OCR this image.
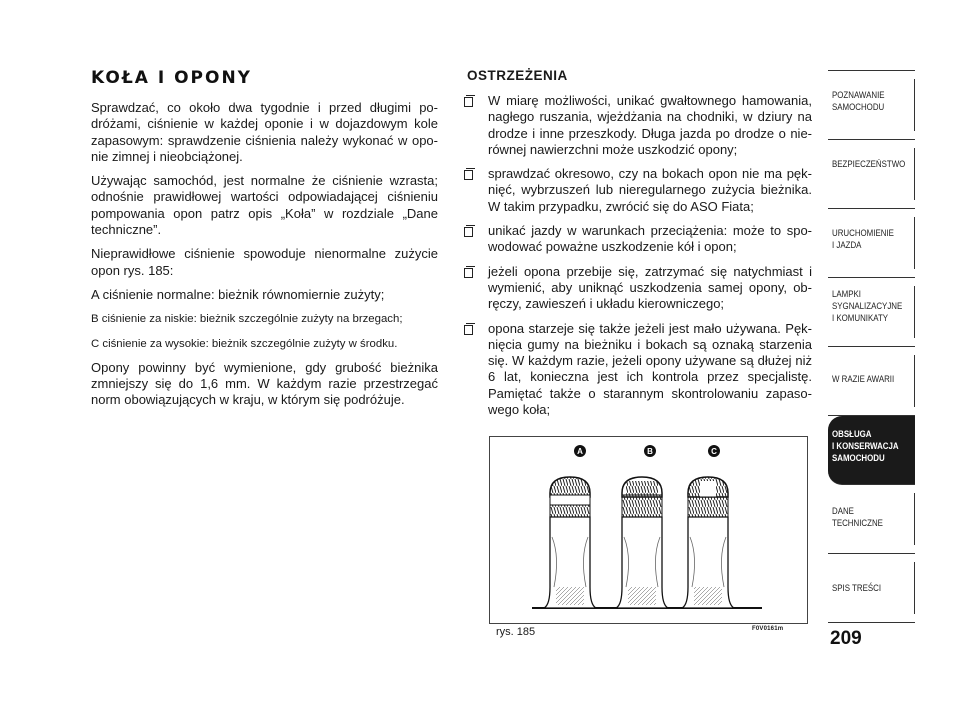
KOŁA I OPONY

Sprawdzać, co około dwa tygodnie i przed długimi po-dróżami, ciśnienie w każdej oponie i w dojazdowym kole zapasowym: sprawdzenie ciśnienia należy wykonać w opo-nie zimnej i nieobciążonej.

Używając samochód, jest normalne że ciśnienie wzrasta; odnośnie prawidłowej wartości odpowiadającej ciśnieniu pompowania opon patrz opis „Koła” w rozdziale „Dane techniczne”.

Nieprawidłowe ciśnienie spowoduje nienormalne zużycie opon rys. 185:

A ciśnienie normalne: bieżnik równomiernie zużyty;

B ciśnienie za niskie: bieżnik szczególnie zużyty na brzegach;

C ciśnienie za wysokie: bieżnik szczególnie zużyty w środku.

Opony powinny być wymienione, gdy grubość bieżnika zmniejszy się do 1,6 mm. W każdym razie przestrzegać norm obowiązujących w kraju, w którym się podróżuje.

OSTRZEŻENIA
W miarę możliwości, unikać gwałtownego hamowania, nagłego ruszania, wjeżdżania na chodniki, w dziury na drodze i inne przeszkody. Długa jazda po drodze o nie-równej nawierzchni może uszkodzić opony;
sprawdzać okresowo, czy na bokach opon nie ma pęk-nięć, wybrzuszeń lub nieregularnego zużycia bieżnika. W takim przypadku, zwrócić się do ASO Fiata;
unikać jazdy w warunkach przeciążenia: może to spo-wodować poważne uszkodzenie kół i opon;
jeżeli opona przebije się, zatrzymać się natychmiast i wymienić, aby uniknąć uszkodzenia samej opony, ob-ręczy, zawieszeń i układu kierowniczego;
opona starzeje się także jeżeli jest mało używana. Pęk-nięcia gumy na bieżniku i bokach są oznaką starzenia się. W każdym razie, jeżeli opony używane są dłużej niż 6 lat, konieczna jest ich kontrola przez specjalistę. Pamiętać także o starannym skontrolowaniu zapaso-wego koła;
A	B	C
rys. 185	F0V0161m 209
POZNAWANIE
SAMOCHODU
BEZPIECZEŃSTWO
URUCHOMIENIE
I JAZDA
LAMPKI
SYGNALIZACYJNE
I KOMUNIKATY
W RAZIE AWARII
OBSŁUGA
I KONSERWACJA
SAMOCHODU
DANE
TECHNICZNE
SPIS TREŚCI
